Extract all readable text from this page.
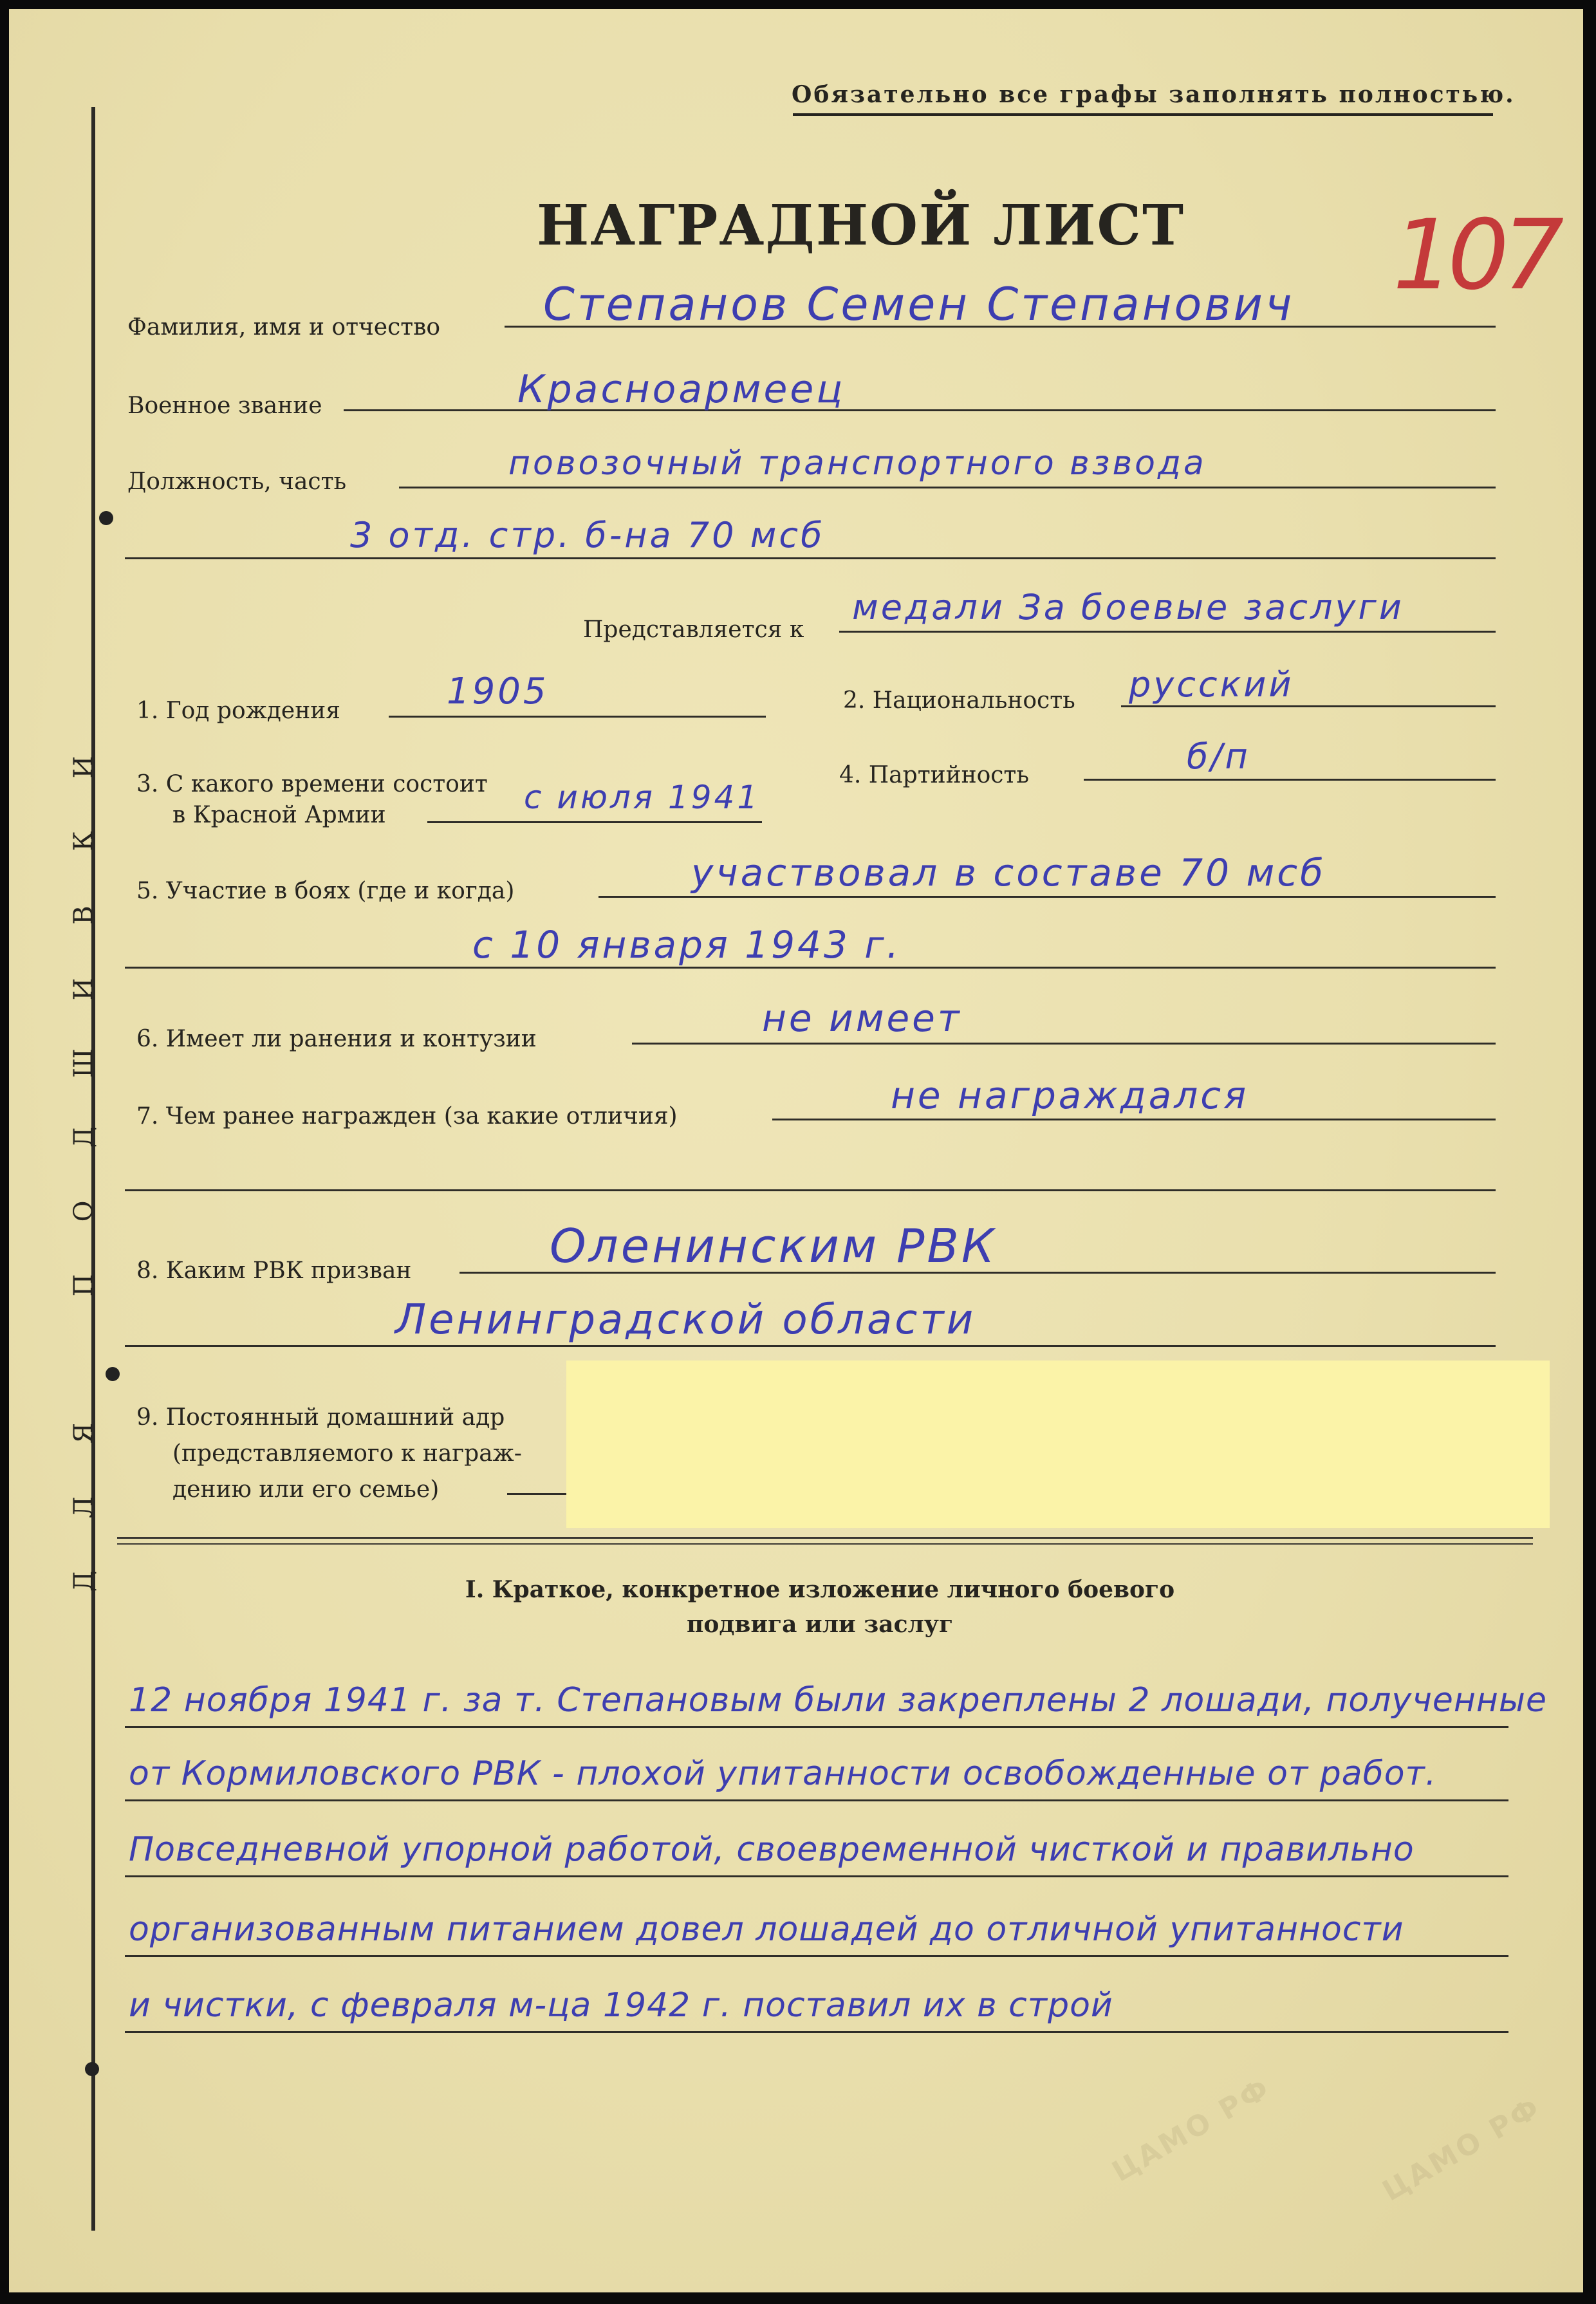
ЦАМО РФ	ЦАМО РФ
Д
Л
Я
П
О
Д
Ш
И
В
К
И
Обязательно все графы заполнять полностью.
НАГРАДНОЙ ЛИСТ 107
Фамилия, имя и отчество Степанов Семен Степанович
Военное звание	Красноармеец
Должность, часть	повозочный транспортного взвода
3 отд. стр. б-на 70 мсб
Представляется к
медали За боевые заслуги
1. Год рождения	1905	2. Национальность русский
3. С какого времени состоит
в Красной Армии	с июля 1941
4. Партийность	б/п
5. Участие в боях (где и когда)	участвовал в составе 70 мсб
с 10 января 1943 г.
6. Имеет ли ранения и контузии	не имеет
7. Чем ранее награжден (за какие отличия)	не награждался
8. Каким РВК призван	Оленинским РВК
Ленинградской области
9. Постоянный домашний адр
(представляемого к награж-
дению или его семье)
I. Краткое, конкретное изложение личного боевого
подвига или заслуг
12 ноября 1941 г. за т. Степановым были закреплены 2 лошади, полученные
от Кормиловского РВК - плохой упитанности освобожденные от работ.
Повседневной упорной работой, своевременной чисткой и правильно
организованным питанием довел лошадей до отличной упитанности
и чистки, с февраля м-ца 1942 г. поставил их в строй
